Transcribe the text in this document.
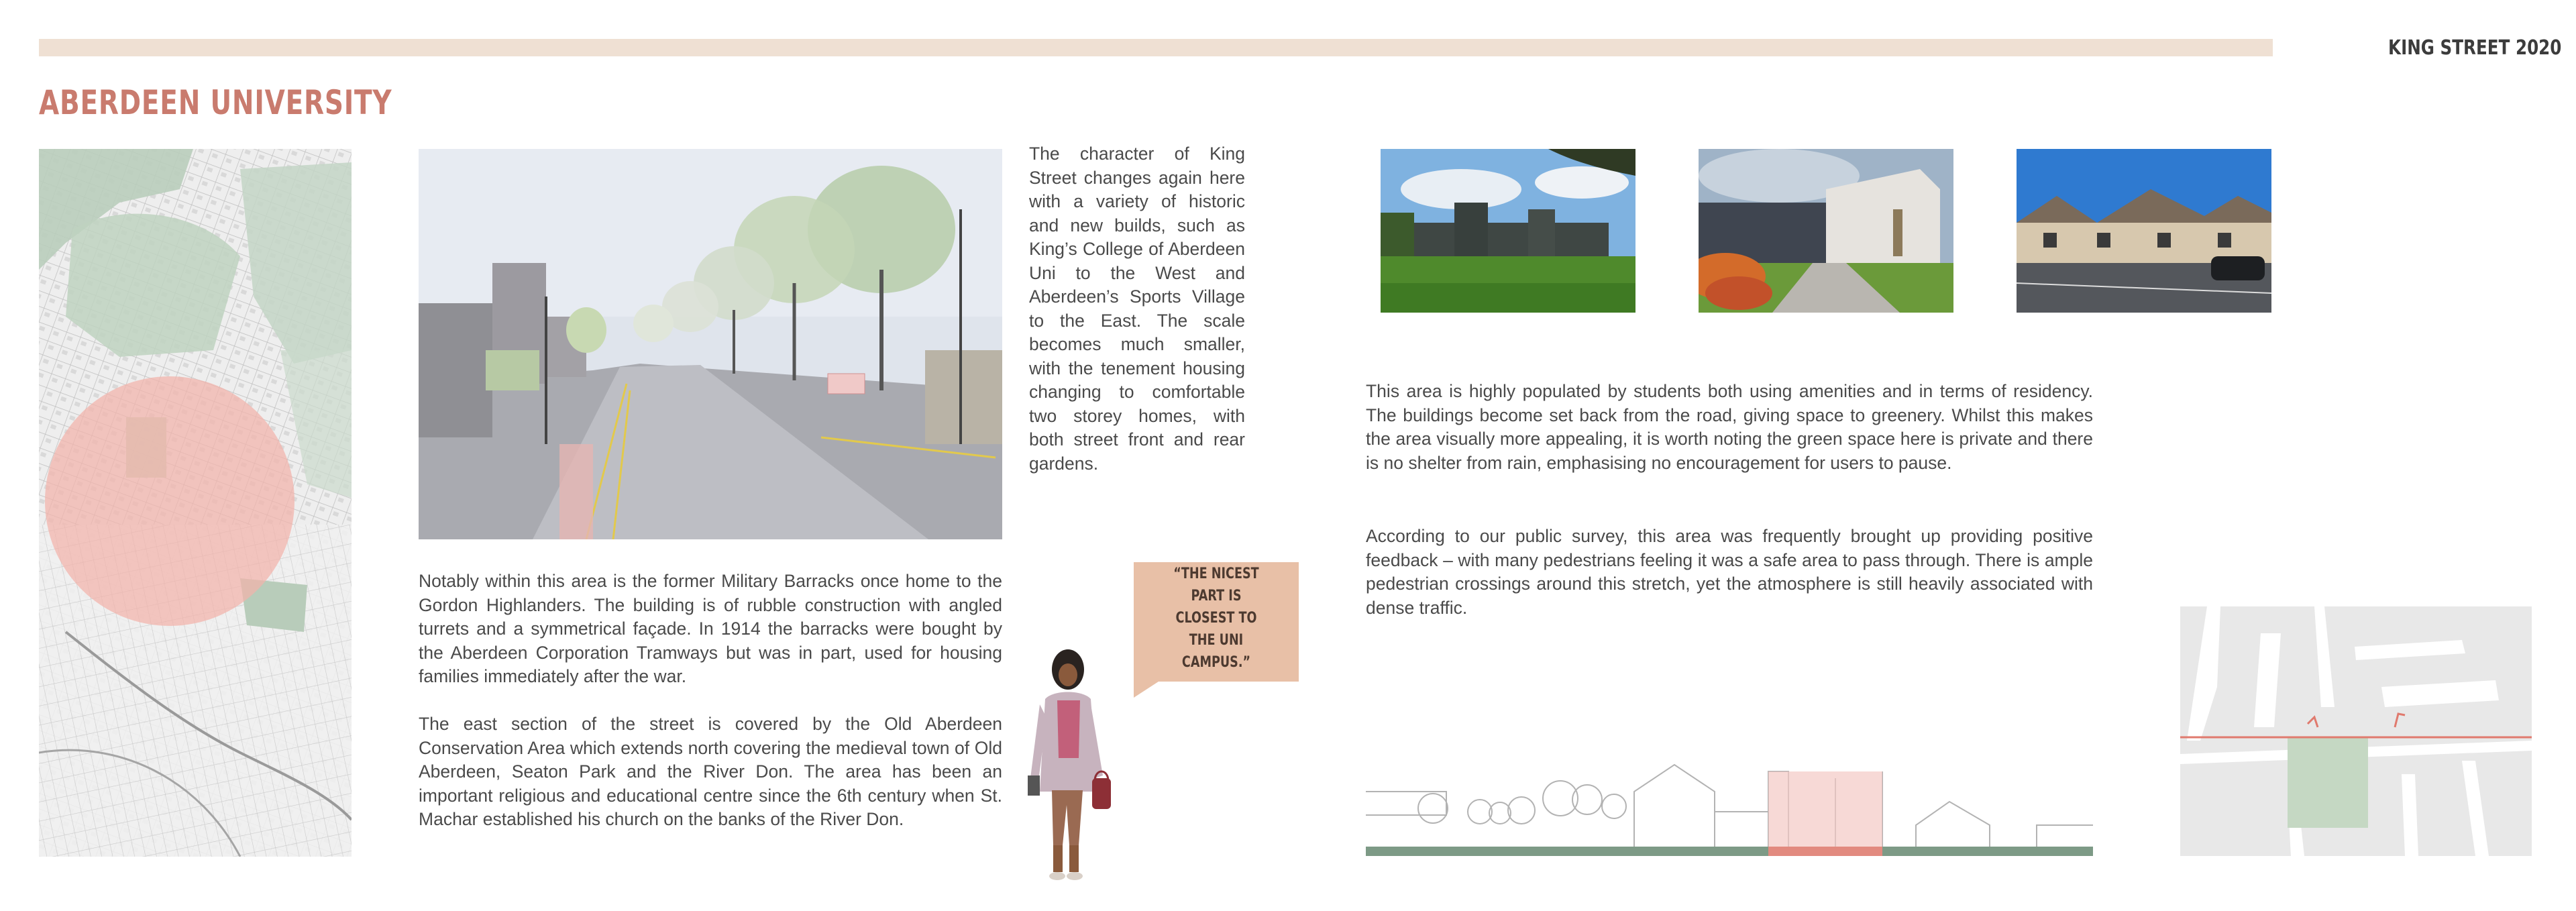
KING STREET 2020
ABERDEEN UNIVERSITY
The character of King Street changes again here with a variety of historic and new builds, such as King’s College of Aberdeen Uni to the West and Aberdeen’s Sports Village to the East. The scale becomes much smaller, with the tenement housing changing to comfortable two storey homes, with both street front and rear gardens.
Notably within this area is the former Military Barracks once home to the Gordon Highlanders. The building is of rubble construction with angled turrets and a symmetrical façade. In 1914 the barracks were bought by the Aberdeen Corporation Tramways but was in part, used for housing families immediately after the war.
The east section of the street is covered by the Old Aberdeen Conservation Area which extends north covering the medieval town of Old Aberdeen, Seaton Park and the River Don. The area has been an important religious and educational centre since the 6th century when St. Machar established his church on the banks of the River Don.
“THE NICEST PART IS CLOSEST TO THE UNI CAMPUS.”
This area is highly populated by students both using amenities and in terms of residency. The buildings become set back from the road, giving space to greenery. Whilst this makes the area visually more appealing, it is worth noting the green space here is private and there is no shelter from rain, emphasising no encouragement for users to pause.
According to our public survey, this area was frequently brought up providing positive feedback – with many pedestrians feeling it was a safe area to pass through. There is ample pedestrian crossings around this stretch, yet the atmosphere is still heavily associated with dense traffic.
